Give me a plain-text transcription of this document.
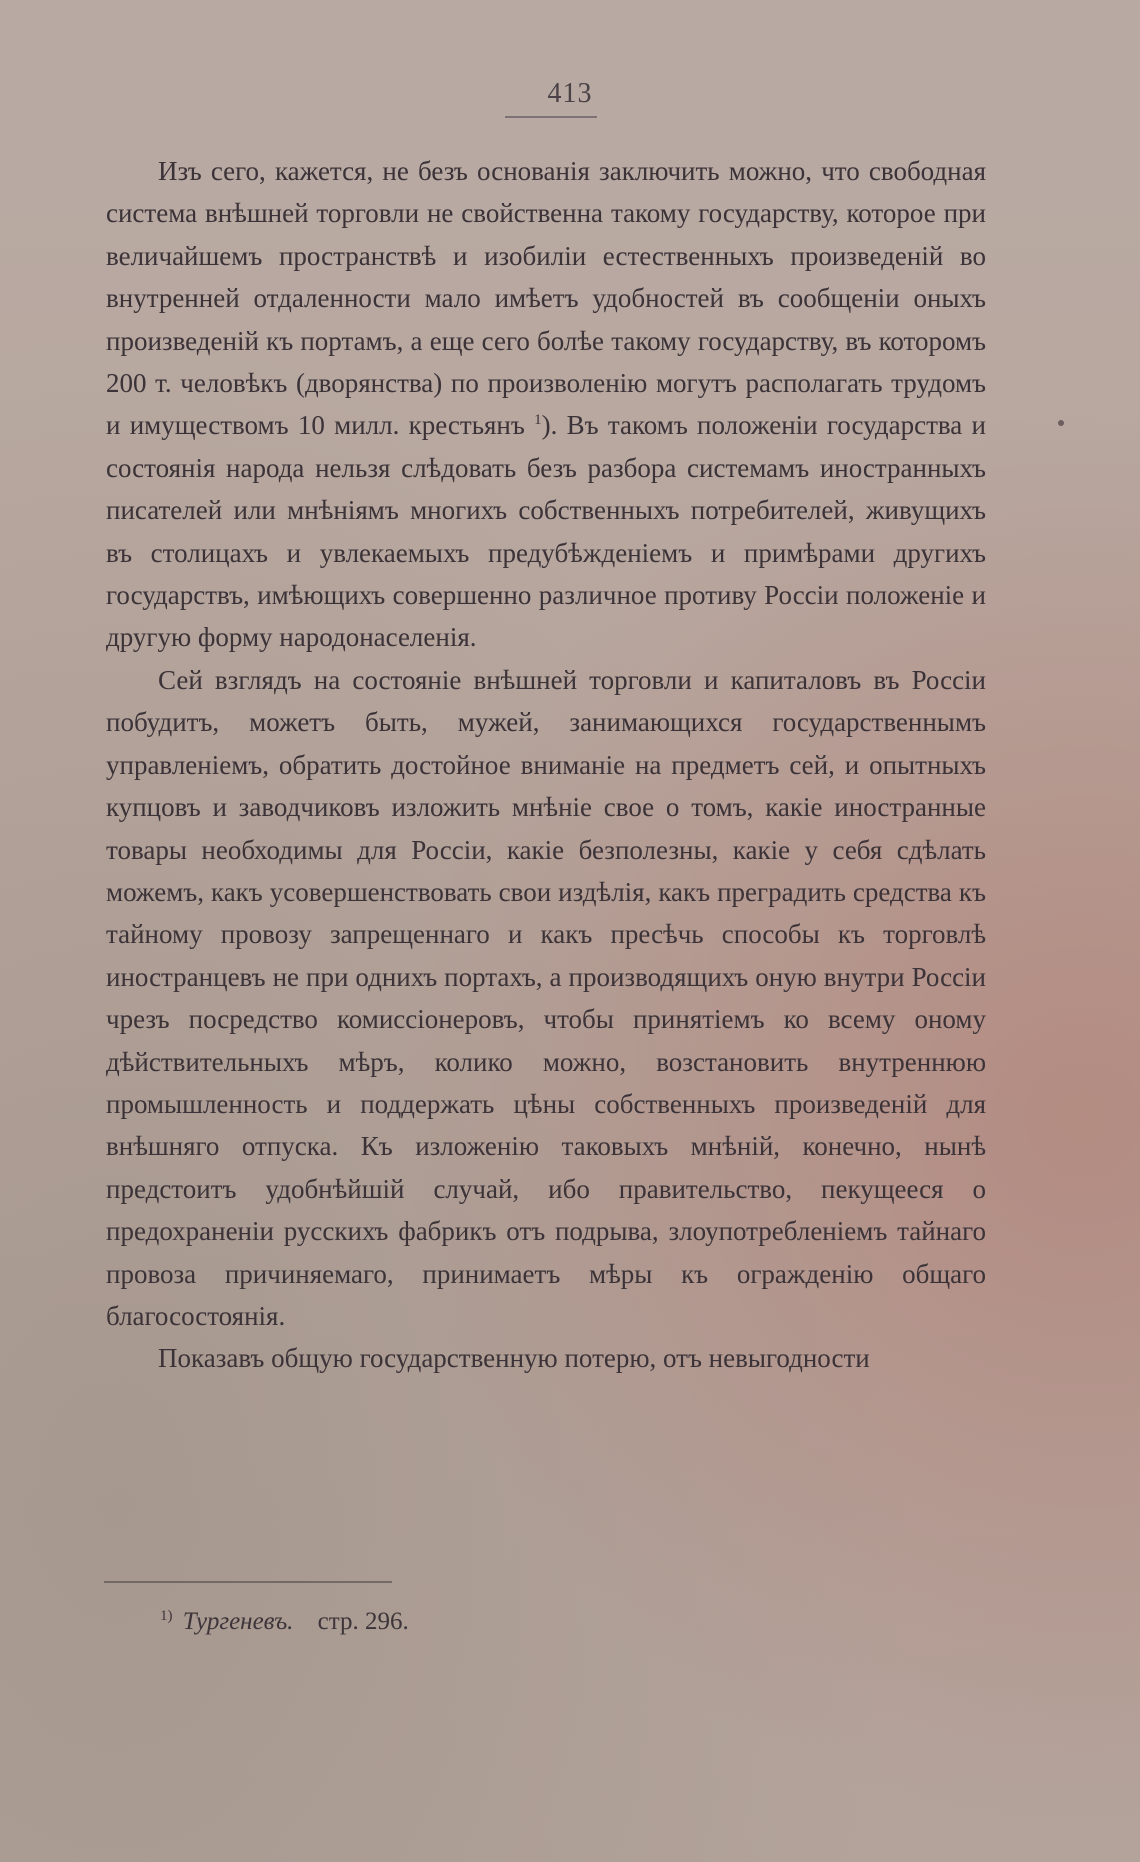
413

Изъ сего, кажется, не безъ основанія заключить можно, что свободная система внѣшней торговли не свойственна такому государству, которое при величайшемъ пространствѣ и изобиліи естественныхъ произведеній во внутренней отдаленности мало имѣетъ удобностей въ сообщеніи оныхъ произведеній къ портамъ, а еще сего болѣе такому государству, въ которомъ 200 т. человѣкъ (дворянства) по произволенію могутъ располагать трудомъ и имуществомъ 10 милл. крестьянъ $^1$). Въ такомъ положеніи государства и состоянія народа нельзя слѣдовать безъ разбора системамъ иностранныхъ писателей или мнѣніямъ многихъ собственныхъ потребителей, живущихъ въ столицахъ и увлекаемыхъ предубѣжденіемъ и примѣрами другихъ государствъ, имѣющихъ совершенно различное противу Россіи положеніе и другую форму народонаселенія.

Сей взглядъ на состояніе внѣшней торговли и капиталовъ въ Россіи побудитъ, можетъ быть, мужей, занимающихся государственнымъ управленіемъ, обратить достойное вниманіе на предметъ сей, и опытныхъ купцовъ и заводчиковъ изложить мнѣніе свое о томъ, какіе иностранные товары необходимы для Россіи, какіе безполезны, какіе у себя сдѣлать можемъ, какъ усовершенствовать свои издѣлія, какъ преградить средства къ тайному провозу запрещеннаго и какъ пресѣчь способы къ торговлѣ иностранцевъ не при однихъ портахъ, а производящихъ оную внутри Россіи чрезъ посредство комиссіонеровъ, чтобы принятіемъ ко всему оному дѣйствительныхъ мѣръ, колико можно, возстановить внутреннюю промышленность и поддержать цѣны собственныхъ произведеній для внѣшняго отпуска. Къ изложенію таковыхъ мнѣній, конечно, нынѣ предстоитъ удобнѣйшій случай, ибо правительство, пекущееся о предохраненіи русскихъ фабрикъ отъ подрыва, злоупотребленіемъ тайнаго провоза причиняемаго, принимаетъ мѣры къ огражденію общаго благосостоянія.

Показавъ общую государственную потерю, отъ невыгодности

$^{1)}$ Тургеневъ. стр. 296.
